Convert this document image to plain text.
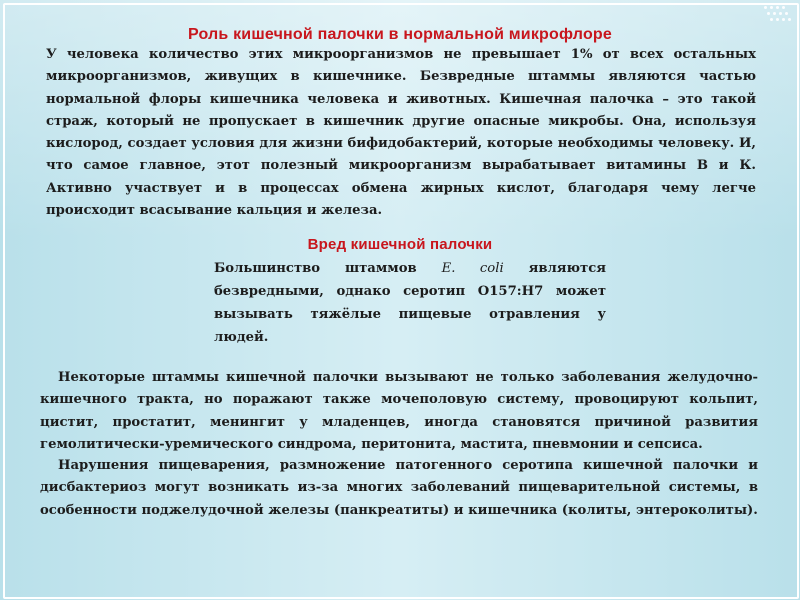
Роль кишечной палочки в нормальной микрофлоре

У человека количество этих микроорганизмов не превышает 1% от всех остальных микроорганизмов, живущих в кишечнике. Безвредные штаммы являются частью нормальной флоры кишечника человека и животных. Кишечная палочка – это такой страж, который не пропускает в кишечник другие опасные микробы. Она, используя кислород, создает условия для жизни бифидобактерий, которые необходимы человеку. И, что самое главное, этот полезный микроорганизм вырабатывает витамины В и К. Активно участвует и в процессах обмена жирных кислот, благодаря чему легче происходит всасывание кальция и железа.

Вред кишечной палочки

Большинство штаммов E. coli являются безвредными, однако серотип O157:H7 может вызывать тяжёлые пищевые отравления у людей.

Некоторые штаммы кишечной палочки вызывают не только заболевания желудочно-кишечного тракта, но поражают также мочеполовую систему, провоцируют кольпит, цистит, простатит, менингит у младенцев, иногда становятся причиной развития гемолитически-уремического синдрома, перитонита, мастита, пневмонии и сепсиса.

Нарушения пищеварения, размножение патогенного серотипа кишечной палочки и дисбактериоз могут возникать из-за многих заболеваний пищеварительной системы, в особенности поджелудочной железы (панкреатиты) и кишечника (колиты, энтероколиты).
